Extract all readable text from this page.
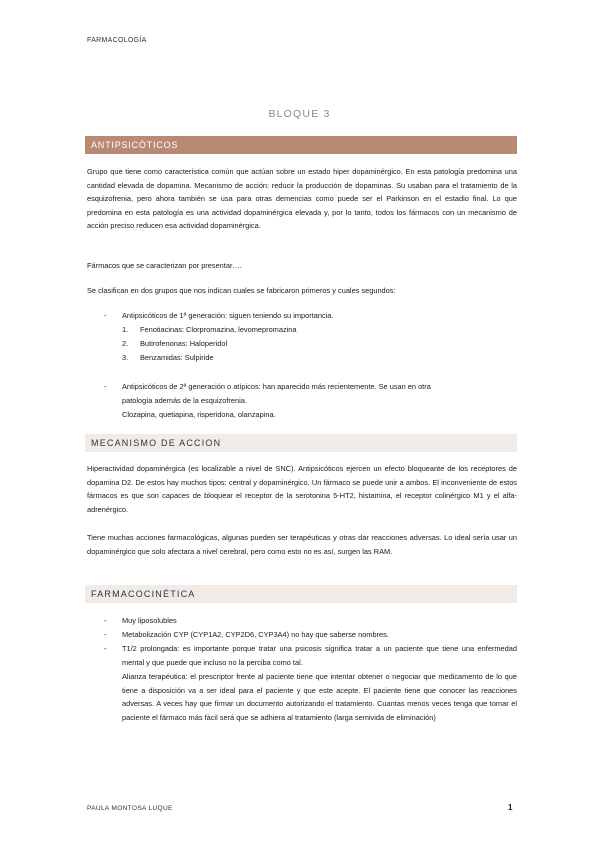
FARMACOLOGÍA
BLOQUE 3
ANTIPSICÓTICOS
Grupo que tiene como característica común que actúan sobre un estado hiper dopaminérgico. En esta patología predomina una cantidad elevada de dopamina. Mecanismo de acción: reducir la producción de dopaminas. Su usaban para el tratamiento de la esquizofrenia, pero ahora también se usa para otras demencias como puede ser el Parkinson en el estadio final. Lo que predomina en esta patología es una actividad dopaminérgica elevada y, por lo tanto, todos los fármacos con un mecanismo de acción preciso reducen esa actividad dopaminérgica.
Fármacos que se caracterizan por presentar….
Se clasifican en dos grupos que nos indican cuales se fabricaron primeros y cuales segundos:
- Antipsicóticos de 1ª generación: siguen teniendo su importancia.
1. Fenotiacinas: Clorpromazina, levomepromazina
2. Butirofenonas: Haloperidol
3. Benzamidas: Sulpiride
- Antipsicóticos de 2ª generación o atípicos: han aparecido más recientemente. Se usan en otra
patología además de la esquizofrenia.
Clozapina, quetiapina, risperidona, olanzapina.
MECANISMO DE ACCION
Hiperactividad dopaminérgica (es localizable a nivel de SNC). Antipsicóticos ejercen un efecto bloqueante de los receptores de dopamina D2. De estos hay muchos tipos: central y dopaminérgico. Un fármaco se puede unir a ambos. El inconveniente de estos fármacos es que son capaces de bloquear el receptor de la serotonina 5-HT2, histamina, el receptor colinérgico M1 y el alfa-adrenérgico.
Tiene muchas acciones farmacológicas, algunas pueden ser terapéuticas y otras dar reacciones adversas. Lo ideal sería usar un dopaminérgico que solo afectara a nivel cerebral, pero como esto no es así, surgen las RAM.
FARMACOCINÉTICA
- Muy liposolubles
- Metabolización CYP (CYP1A2, CYP2D6, CYP3A4) no hay que saberse nombres.
- T1/2 prolongada: es importante porque tratar una psicosis significa tratar a un paciente que tiene una enfermedad mental y que puede que incluso no la perciba como tal.
Alianza terapéutica: el prescriptor frente al paciente tiene que intentar obtener o negociar que medicamento de lo que tiene a disposición va a ser ideal para el paciente y que este acepte. El paciente tiene que conocer las reacciones adversas. A veces hay que firmar un documento autorizando el tratamiento. Cuantas menos veces tenga que tomar el paciente el fármaco más fácil será que se adhiera al tratamiento (larga semivida de eliminación)
PAULA MONTOSA LUQUE	1
